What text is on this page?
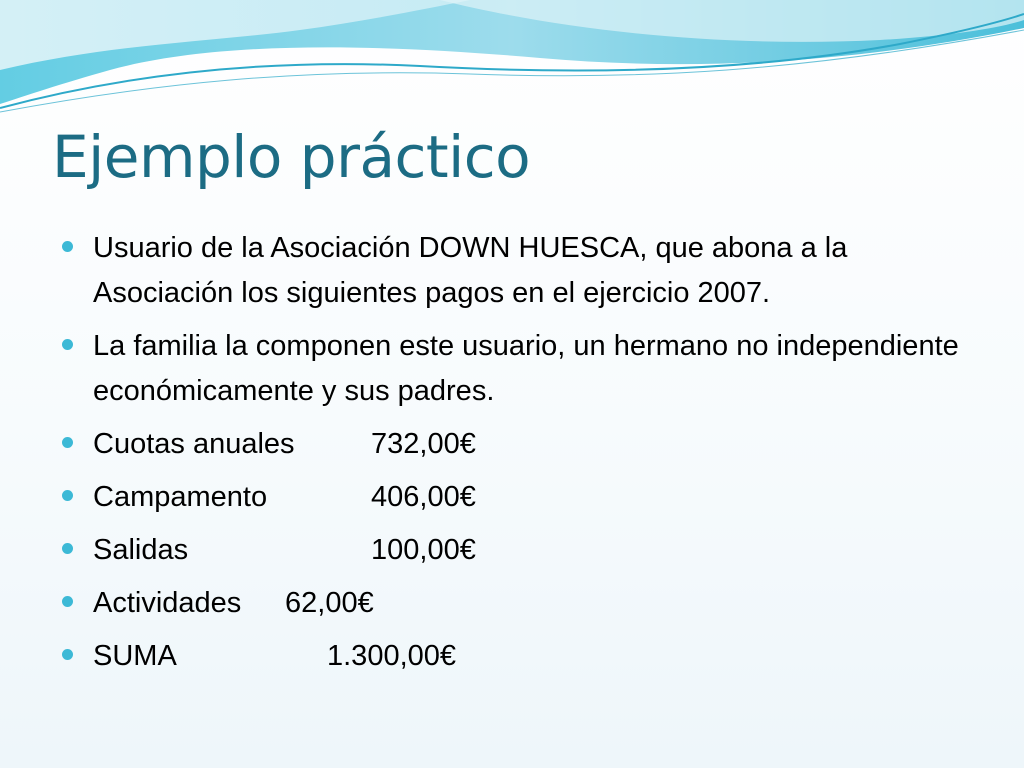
Ejemplo práctico
Usuario de la Asociación DOWN HUESCA, que abona a la Asociación los siguientes pagos en el ejercicio 2007.
La familia la componen este usuario, un hermano no independiente económicamente y sus padres.
Cuotas anuales	732,00€
Campamento	406,00€
Salidas	100,00€
Actividades 62,00€
SUMA	1.300,00€
